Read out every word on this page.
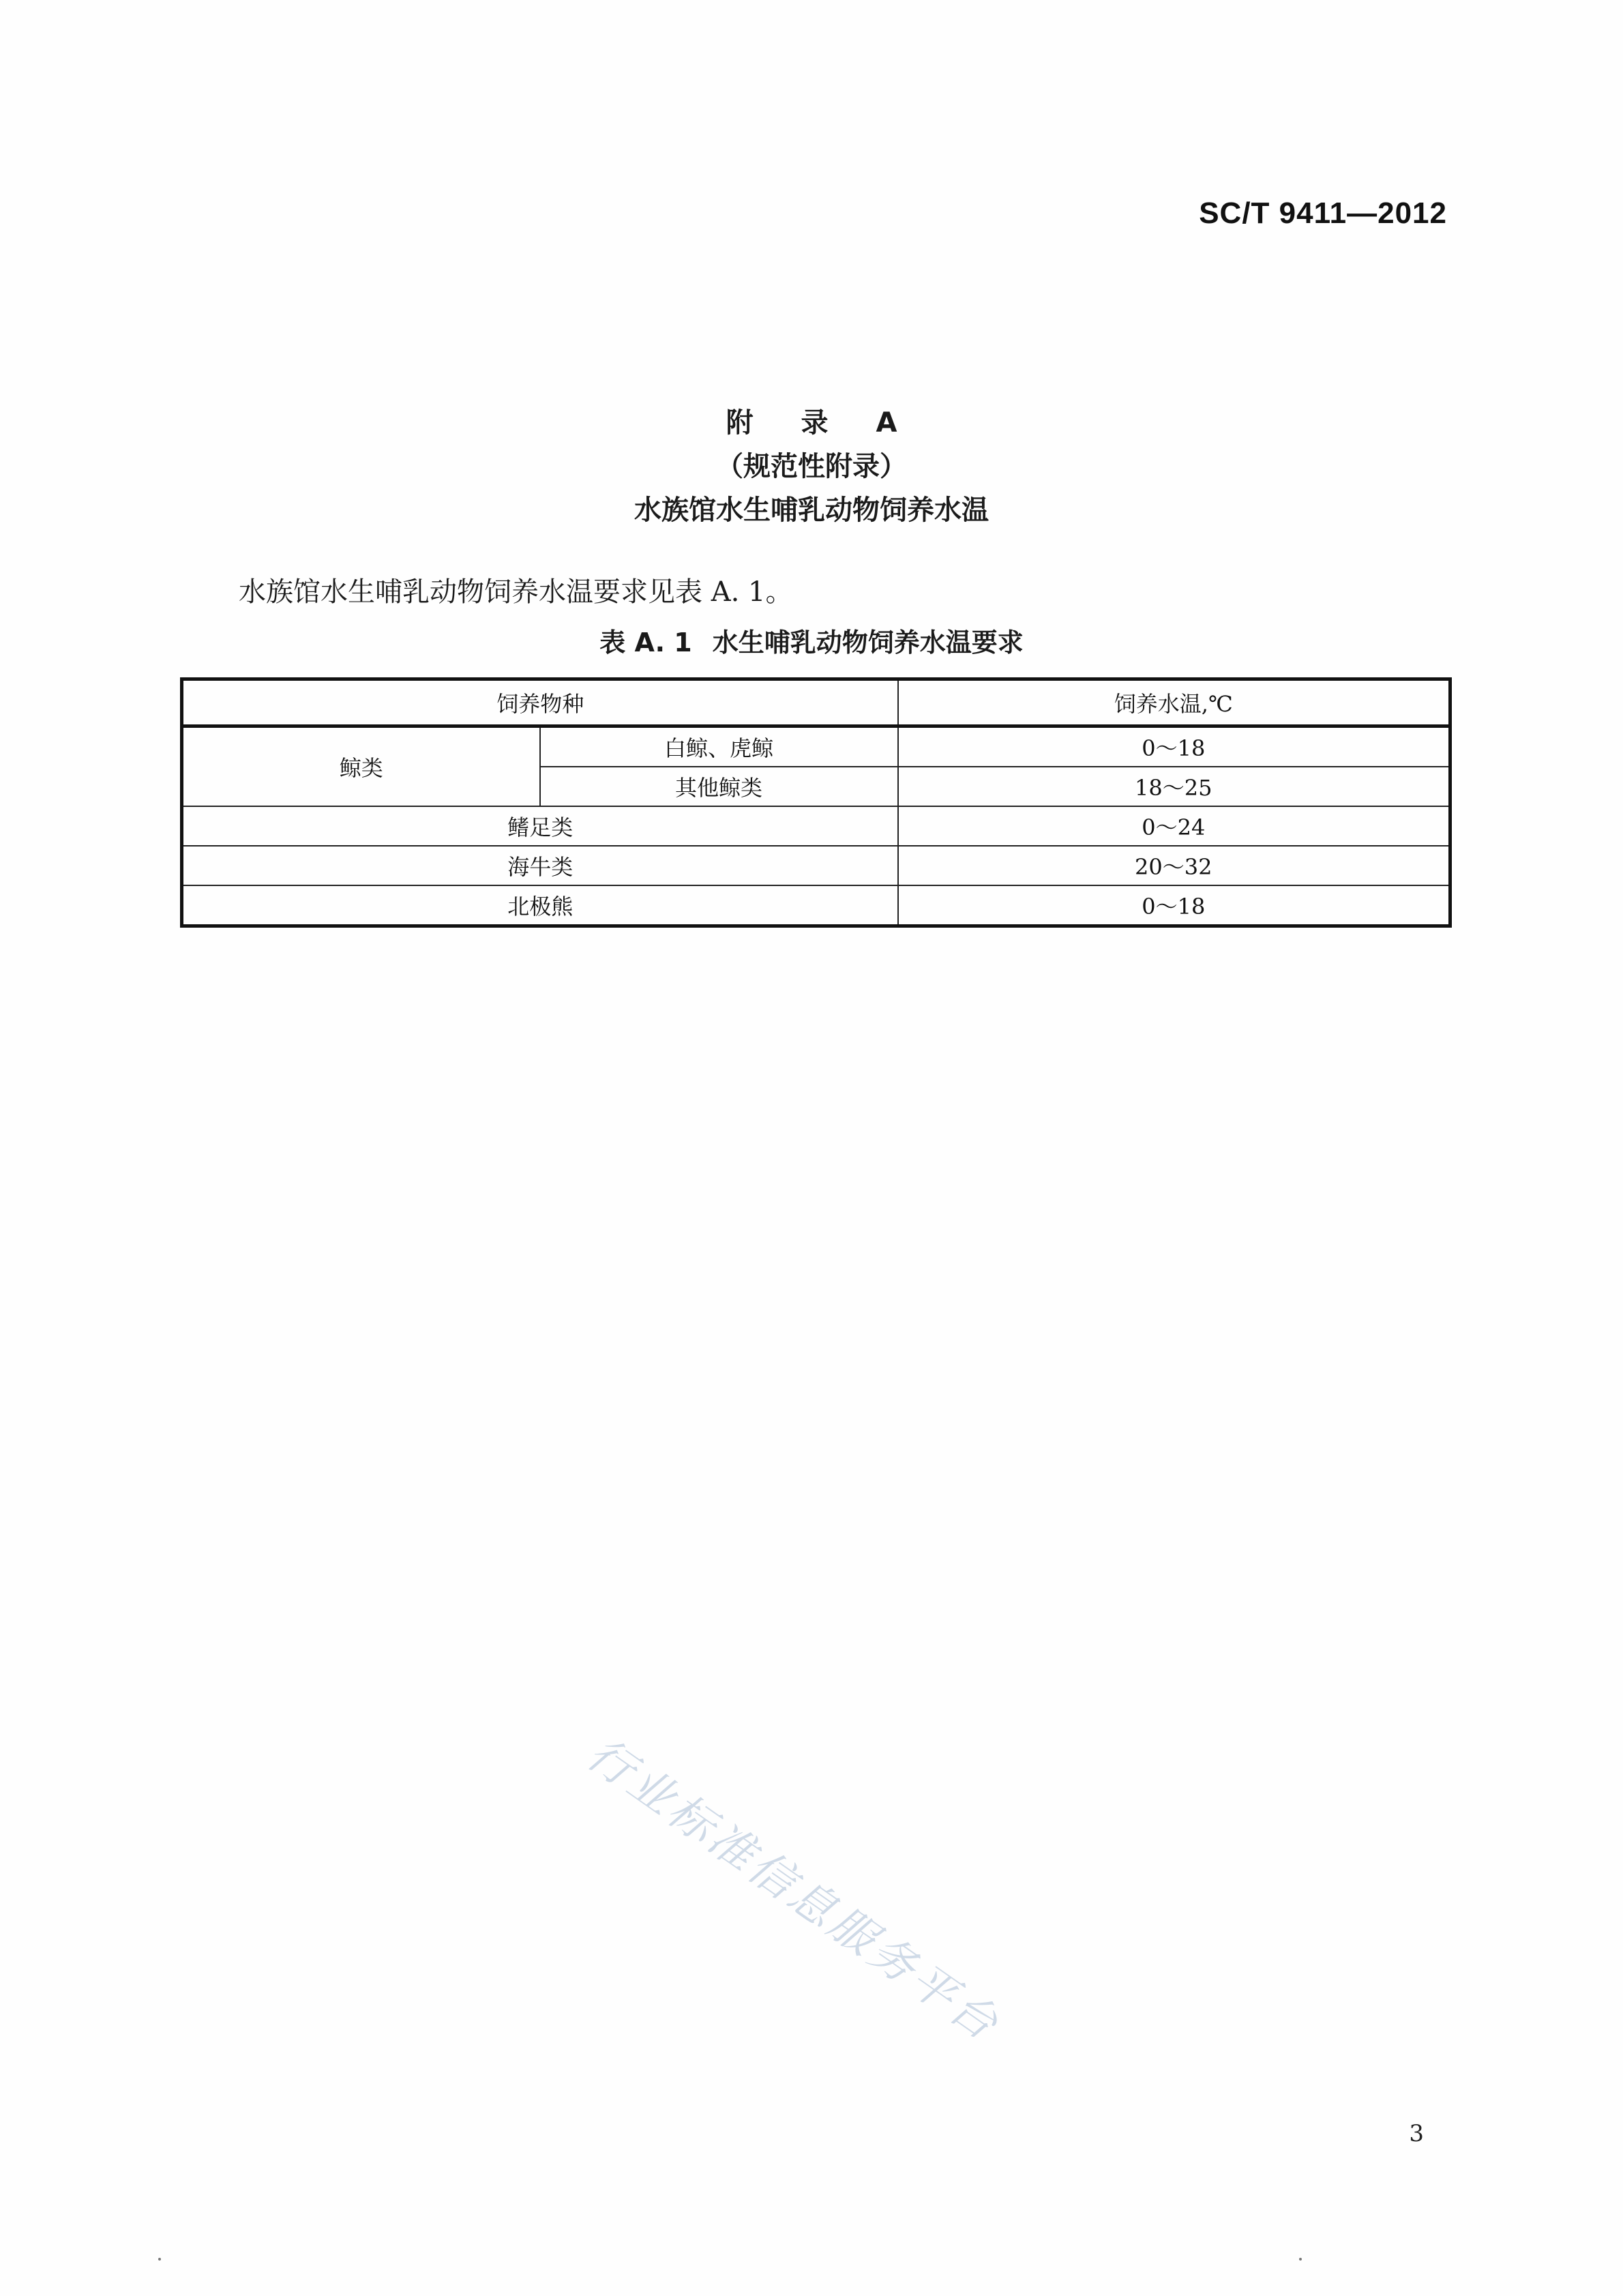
SC/T 9411—2012
附 录 A
（规范性附录）
水族馆水生哺乳动物饲养水温
水族馆水生哺乳动物饲养水温要求见表 A. 1。
表 A. 1 水生哺乳动物饲养水温要求
饲养物种		饲养水温,℃
鲸类	白鲸、虎鲸	0～18
	其他鲸类	18～25
鳍足类		0～24
海牛类		20～32
北极熊		0～18
行业标准信息服务平台
3
